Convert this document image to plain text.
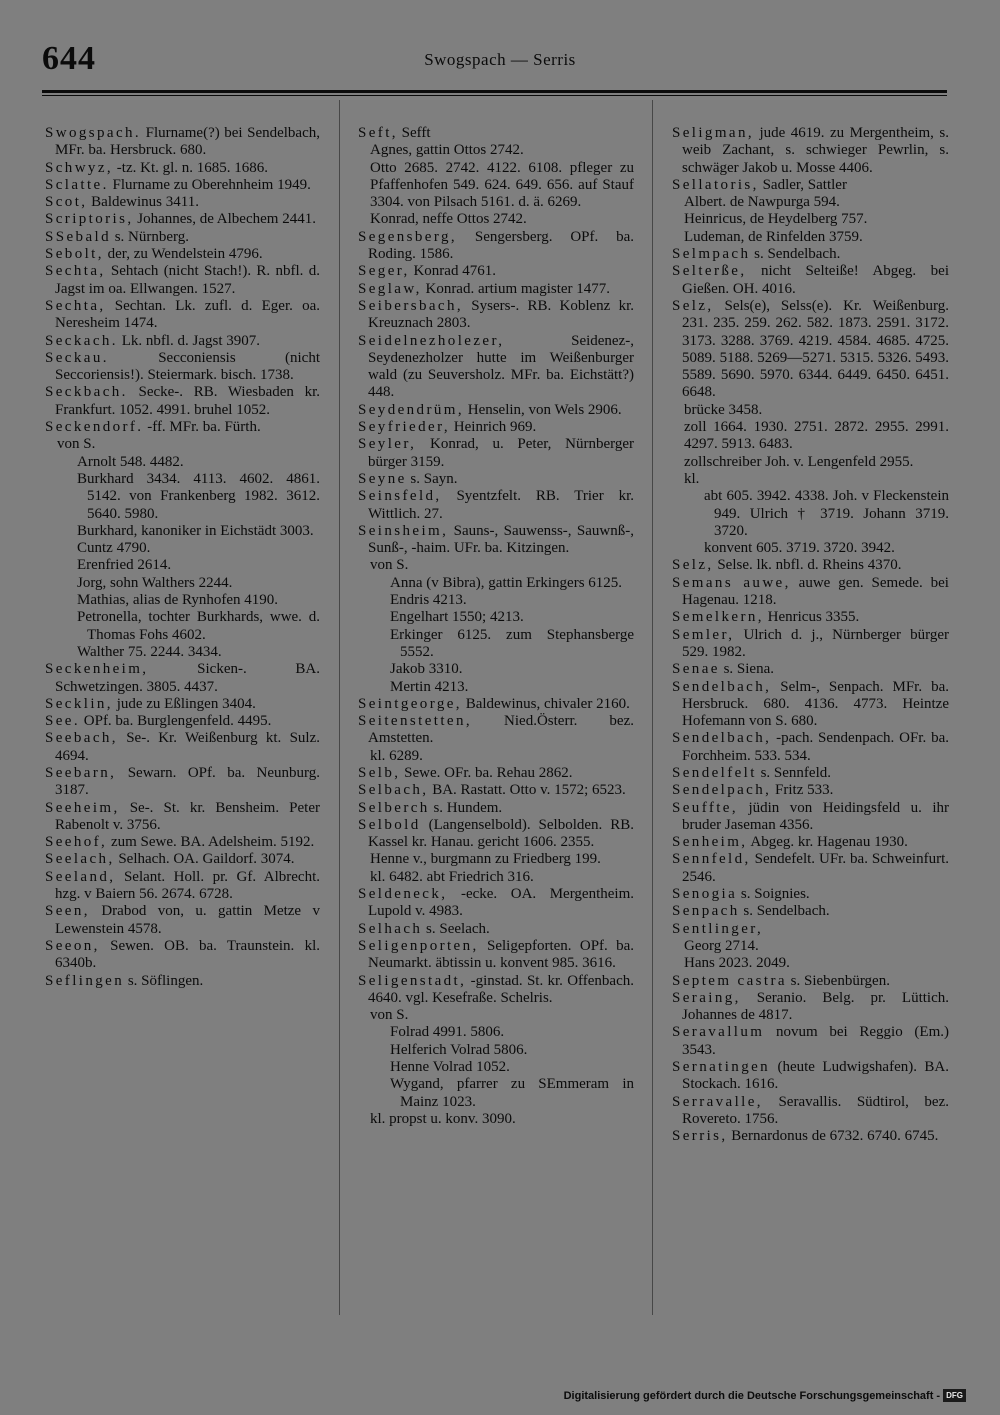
644	Swogspach — Serris
Swogspach. Flurname(?) bei Sendelbach, MFr. ba. Hersbruck. 680.
Schwyz, -tz. Kt. gl. n. 1685. 1686.
Sclatte. Flurname zu Oberehnheim 1949.
Scot, Baldewinus 3411.
Scriptoris, Johannes, de Albechem 2441.
SSebald s. Nürnberg.
Sebolt, der, zu Wendelstein 4796.
Sechta, Sehtach (nicht Stach!). R. nbfl. d. Jagst im oa. Ellwangen. 1527.
Sechta, Sechtan. Lk. zufl. d. Eger. oa. Neresheim 1474.
Seckach. Lk. nbfl. d. Jagst 3907.
Seckau. Secconiensis (nicht Seccoriensis!). Steiermark. bisch. 1738.
Seckbach. Secke-. RB. Wiesbaden kr. Frankfurt. 1052. 4991. bruhel 1052.
Seckendorf. -ff. MFr. ba. Fürth.
von S.
Arnolt 548. 4482.
Burkhard 3434. 4113. 4602. 4861. 5142. von Frankenberg 1982. 3612. 5640. 5980.
Burkhard, kanoniker in Eichstädt 3003.
Cuntz 4790.
Erenfried 2614.
Jorg, sohn Walthers 2244.
Mathias, alias de Rynhofen 4190.
Petronella, tochter Burkhards, wwe. d. Thomas Fohs 4602.
Walther 75. 2244. 3434.
Seckenheim, Sicken-. BA. Schwetzingen. 3805. 4437.
Secklin, jude zu Eßlingen 3404.
See. OPf. ba. Burglengenfeld. 4495.
Seebach, Se-. Kr. Weißenburg kt. Sulz. 4694.
Seebarn, Sewarn. OPf. ba. Neunburg. 3187.
Seeheim, Se-. St. kr. Bensheim. Peter Rabenolt v. 3756.
Seehof, zum Sewe. BA. Adelsheim. 5192.
Seelach, Selhach. OA. Gaildorf. 3074.
Seeland, Selant. Holl. pr. Gf. Albrecht. hzg. v Baiern 56. 2674. 6728.
Seen, Drabod von, u. gattin Metze v Lewenstein 4578.
Seeon, Sewen. OB. ba. Traunstein. kl. 6340b.
Seflingen s. Söflingen.
Seft, Sefft
Agnes, gattin Ottos 2742.
Otto 2685. 2742. 4122. 6108. pfleger zu Pfaffenhofen 549. 624. 649. 656. auf Stauf 3304. von Pilsach 5161. d. ä. 6269.
Konrad, neffe Ottos 2742.
Segensberg, Sengersberg. OPf. ba. Roding. 1586.
Seger, Konrad 4761.
Seglaw, Konrad. artium magister 1477.
Seibersbach, Sysers-. RB. Koblenz kr. Kreuznach 2803.
Seidelnezholezer, Seidenez-, Seydenezholzer hutte im Weißenburger wald (zu Seuversholz. MFr. ba. Eichstätt?) 448.
Seydendrüm, Henselin, von Wels 2906.
Seyfrieder, Heinrich 969.
Seyler, Konrad, u. Peter, Nürnberger bürger 3159.
Seyne s. Sayn.
Seinsfeld, Syentzfelt. RB. Trier kr. Wittlich. 27.
Seinsheim, Sauns-, Sauwenss-, Sauwnß-, Sunß-, -haim. UFr. ba. Kitzingen.
von S.
Anna (v Bibra), gattin Erkingers 6125.
Endris 4213.
Engelhart 1550; 4213.
Erkinger 6125. zum Stephansberge 5552.
Jakob 3310.
Mertin 4213.
Seintgeorge, Baldewinus, chivaler 2160.
Seitenstetten, Nied.Österr. bez. Amstetten.
kl. 6289.
Selb, Sewe. OFr. ba. Rehau 2862.
Selbach, BA. Rastatt. Otto v. 1572; 6523.
Selberch s. Hundem.
Selbold (Langenselbold). Selbolden. RB. Kassel kr. Hanau. gericht 1606. 2355.
Henne v., burgmann zu Friedberg 199.
kl. 6482. abt Friedrich 316.
Seldeneck, -ecke. OA. Mergentheim. Lupold v. 4983.
Selhach s. Seelach.
Seligenporten, Seligepforten. OPf. ba. Neumarkt. äbtissin u. konvent 985. 3616.
Seligenstadt, -ginstad. St. kr. Offenbach. 4640. vgl. Kesefraße. Schelris.
von S.
Folrad 4991. 5806.
Helferich Volrad 5806.
Henne Volrad 1052.
Wygand, pfarrer zu SEmmeram in Mainz 1023.
kl. propst u. konv. 3090.
Seligman, jude 4619. zu Mergentheim, s. weib Zachant, s. schwieger Pewrlin, s. schwäger Jakob u. Mosse 4406.
Sellatoris, Sadler, Sattler
Albert. de Nawpurga 594.
Heinricus, de Heydelberg 757.
Ludeman, de Rinfelden 3759.
Selmpach s. Sendelbach.
Selterße, nicht Selteiße! Abgeg. bei Gießen. OH. 4016.
Selz, Sels(e), Selss(e). Kr. Weißenburg. 231. 235. 259. 262. 582. 1873. 2591. 3172. 3173. 3288. 3769. 4219. 4584. 4685. 4725. 5089. 5188. 5269—5271. 5315. 5326. 5493. 5589. 5690. 5970. 6344. 6449. 6450. 6451. 6648.
brücke 3458.
zoll 1664. 1930. 2751. 2872. 2955. 2991. 4297. 5913. 6483.
zollschreiber Joh. v. Lengenfeld 2955.
kl.
abt 605. 3942. 4338. Joh. v Fleckenstein 949. Ulrich † 3719. Johann 3719. 3720.
konvent 605. 3719. 3720. 3942.
Selz, Selse. lk. nbfl. d. Rheins 4370.
Semans auwe, auwe gen. Semede. bei Hagenau. 1218.
Semelkern, Henricus 3355.
Semler, Ulrich d. j., Nürnberger bürger 529. 1982.
Senae s. Siena.
Sendelbach, Selm-, Senpach. MFr. ba. Hersbruck. 680. 4136. 4773. Heintze Hofemann von S. 680.
Sendelbach, -pach. Sendenpach. OFr. ba. Forchheim. 533. 534.
Sendelfelt s. Sennfeld.
Sendelpach, Fritz 533.
Seufftе, jüdin von Heidingsfeld u. ihr bruder Jaseman 4356.
Senheim, Abgeg. kr. Hagenau 1930.
Sennfeld, Sendefelt. UFr. ba. Schweinfurt. 2546.
Senogia s. Soignies.
Senpach s. Sendelbach.
Sentlinger,
Georg 2714.
Hans 2023. 2049.
Septem castra s. Siebenbürgen.
Seraing, Seranio. Belg. pr. Lüttich. Johannes de 4817.
Seravallum novum bei Reggio (Em.) 3543.
Sernatingen (heute Ludwigshafen). BA. Stockach. 1616.
Serravalle, Seravallis. Südtirol, bez. Rovereto. 1756.
Serris, Bernardonus de 6732. 6740. 6745.
Digitalisierung gefördert durch die Deutsche Forschungsgemeinschaft - DFG
